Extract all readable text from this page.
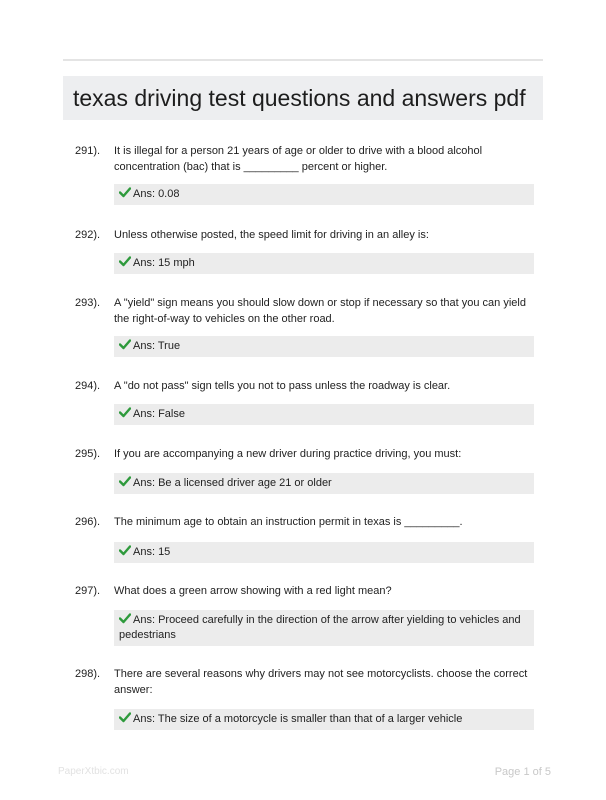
texas driving test questions and answers pdf
291). It is illegal for a person 21 years of age or older to drive with a blood alcohol concentration (bac) that is _________ percent or higher.
Ans: 0.08
292). Unless otherwise posted, the speed limit for driving in an alley is:
Ans: 15 mph
293). A "yield" sign means you should slow down or stop if necessary so that you can yield the right-of-way to vehicles on the other road.
Ans: True
294). A "do not pass" sign tells you not to pass unless the roadway is clear.
Ans: False
295). If you are accompanying a new driver during practice driving, you must:
Ans: Be a licensed driver age 21 or older
296). The minimum age to obtain an instruction permit in texas is _________.
Ans: 15
297). What does a green arrow showing with a red light mean?
Ans: Proceed carefully in the direction of the arrow after yielding to vehicles and pedestrians
298). There are several reasons why drivers may not see motorcyclists. choose the correct answer:
Ans: The size of a motorcycle is smaller than that of a larger vehicle
PaperXtbic.com	Page 1 of 5
